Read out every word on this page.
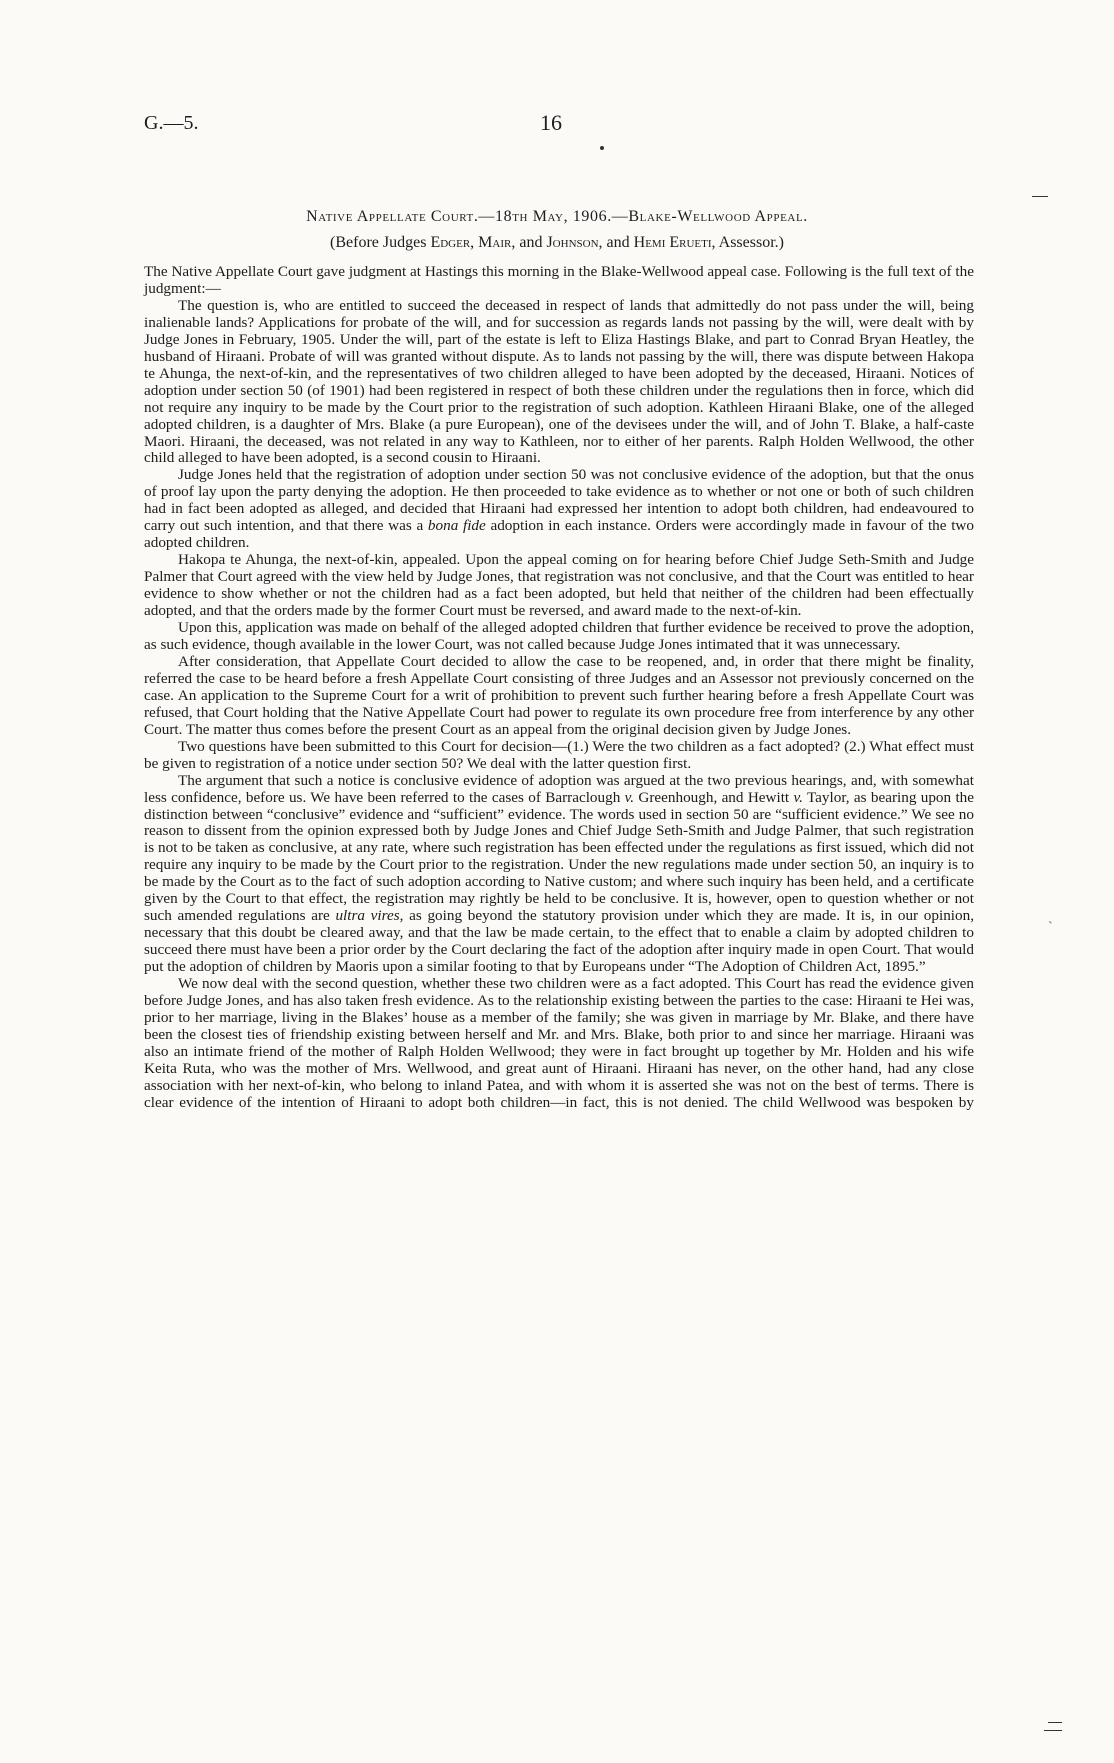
G.—5.	16
Native Appellate Court.—18th May, 1906.—Blake-Wellwood Appeal.
(Before Judges Edger, Mair, and Johnson, and Hemi Erueti, Assessor.)

The Native Appellate Court gave judgment at Hastings this morning in the Blake-Wellwood appeal case. Following is the full text of the judgment:—

The question is, who are entitled to succeed the deceased in respect of lands that admittedly do not pass under the will, being inalienable lands? Applications for probate of the will, and for succession as regards lands not passing by the will, were dealt with by Judge Jones in February, 1905. Under the will, part of the estate is left to Eliza Hastings Blake, and part to Conrad Bryan Heatley, the husband of Hiraani. Probate of will was granted without dispute. As to lands not passing by the will, there was dispute between Hakopa te Ahunga, the next-of-kin, and the representatives of two children alleged to have been adopted by the deceased, Hiraani. Notices of adoption under section 50 (of 1901) had been registered in respect of both these children under the regulations then in force, which did not require any inquiry to be made by the Court prior to the registration of such adoption. Kathleen Hiraani Blake, one of the alleged adopted children, is a daughter of Mrs. Blake (a pure European), one of the devisees under the will, and of John T. Blake, a half-caste Maori. Hiraani, the deceased, was not related in any way to Kathleen, nor to either of her parents. Ralph Holden Wellwood, the other child alleged to have been adopted, is a second cousin to Hiraani.

Judge Jones held that the registration of adoption under section 50 was not conclusive evidence of the adoption, but that the onus of proof lay upon the party denying the adoption. He then proceeded to take evidence as to whether or not one or both of such children had in fact been adopted as alleged, and decided that Hiraani had expressed her intention to adopt both children, had endeavoured to carry out such intention, and that there was a bona fide adoption in each instance. Orders were accordingly made in favour of the two adopted children.

Hakopa te Ahunga, the next-of-kin, appealed. Upon the appeal coming on for hearing before Chief Judge Seth-Smith and Judge Palmer that Court agreed with the view held by Judge Jones, that registration was not conclusive, and that the Court was entitled to hear evidence to show whether or not the children had as a fact been adopted, but held that neither of the children had been effectually adopted, and that the orders made by the former Court must be reversed, and award made to the next-of-kin.

Upon this, application was made on behalf of the alleged adopted children that further evidence be received to prove the adoption, as such evidence, though available in the lower Court, was not called because Judge Jones intimated that it was unnecessary.

After consideration, that Appellate Court decided to allow the case to be reopened, and, in order that there might be finality, referred the case to be heard before a fresh Appellate Court consisting of three Judges and an Assessor not previously concerned on the case. An application to the Supreme Court for a writ of prohibition to prevent such further hearing before a fresh Appellate Court was refused, that Court holding that the Native Appellate Court had power to regulate its own procedure free from interference by any other Court. The matter thus comes before the present Court as an appeal from the original decision given by Judge Jones.

Two questions have been submitted to this Court for decision—(1.) Were the two children as a fact adopted? (2.) What effect must be given to registration of a notice under section 50? We deal with the latter question first.

The argument that such a notice is conclusive evidence of adoption was argued at the two previous hearings, and, with somewhat less confidence, before us. We have been referred to the cases of Barraclough v. Greenhough, and Hewitt v. Taylor, as bearing upon the distinction between “conclusive” evidence and “sufficient” evidence. The words used in section 50 are “sufficient evidence.” We see no reason to dissent from the opinion expressed both by Judge Jones and Chief Judge Seth-Smith and Judge Palmer, that such registration is not to be taken as conclusive, at any rate, where such registration has been effected under the regulations as first issued, which did not require any inquiry to be made by the Court prior to the registration. Under the new regulations made under section 50, an inquiry is to be made by the Court as to the fact of such adoption according to Native custom; and where such inquiry has been held, and a certificate given by the Court to that effect, the registration may rightly be held to be conclusive. It is, however, open to question whether or not such amended regulations are ultra vires, as going beyond the statutory provision under which they are made. It is, in our opinion, necessary that this doubt be cleared away, and that the law be made certain, to the effect that to enable a claim by adopted children to succeed there must have been a prior order by the Court declaring the fact of the adoption after inquiry made in open Court. That would put the adoption of children by Maoris upon a similar footing to that by Europeans under “The Adoption of Children Act, 1895.”

We now deal with the second question, whether these two children were as a fact adopted. This Court has read the evidence given before Judge Jones, and has also taken fresh evidence. As to the relationship existing between the parties to the case: Hiraani te Hei was, prior to her marriage, living in the Blakes’ house as a member of the family; she was given in marriage by Mr. Blake, and there have been the closest ties of friendship existing between herself and Mr. and Mrs. Blake, both prior to and since her marriage. Hiraani was also an intimate friend of the mother of Ralph Holden Wellwood; they were in fact brought up together by Mr. Holden and his wife Keita Ruta, who was the mother of Mrs. Wellwood, and great aunt of Hiraani. Hiraani has never, on the other hand, had any close association with her next-of-kin, who belong to inland Patea, and with whom it is asserted she was not on the best of terms. There is clear evidence of the intention of Hiraani to adopt both children—in fact, this is not denied. The child Wellwood was bespoken by

ˋ
